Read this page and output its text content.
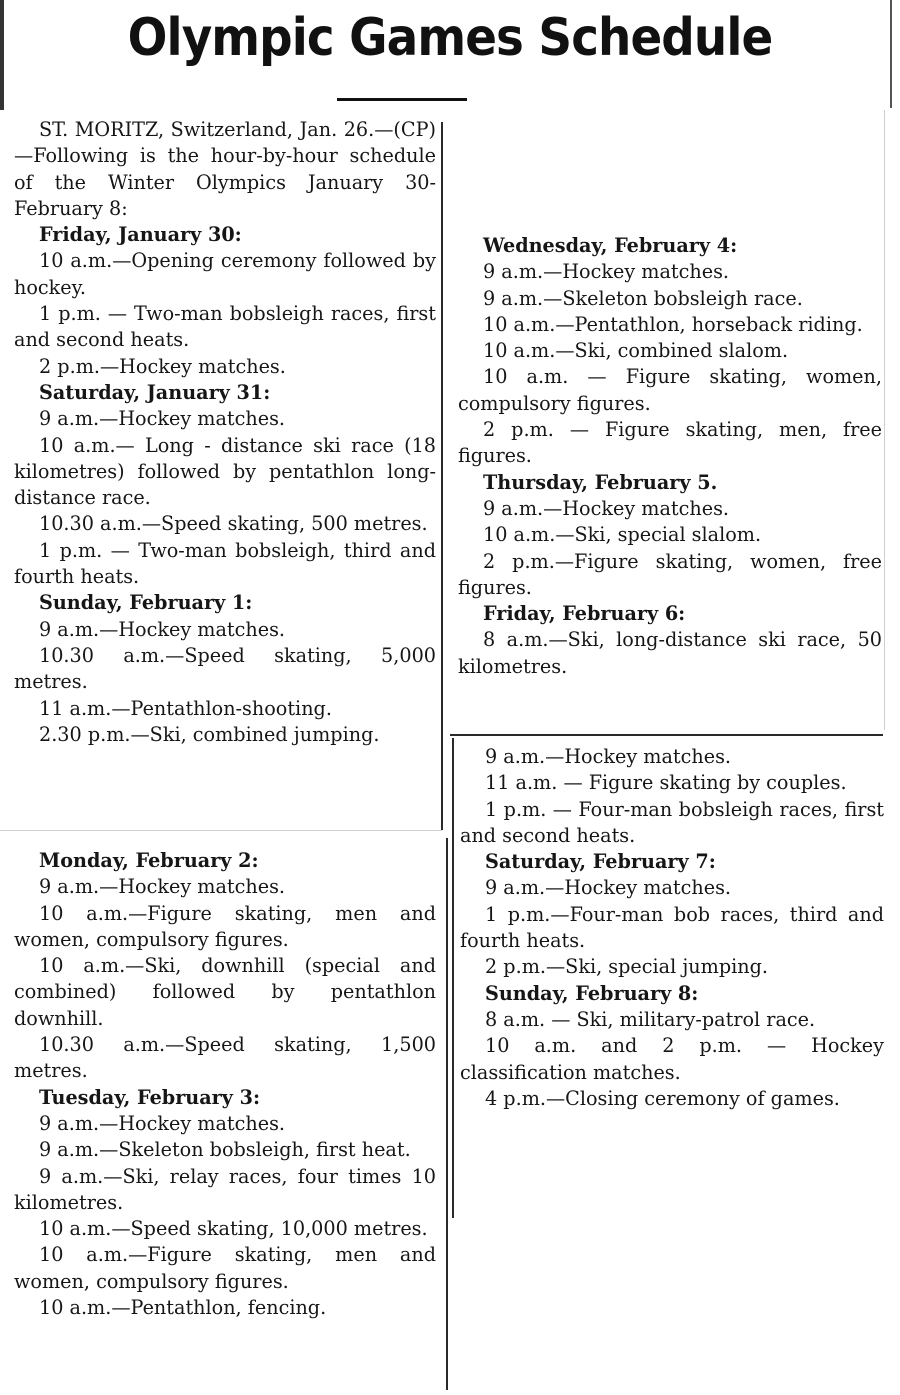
Olympic Games Schedule

ST. MORITZ, Switzerland, Jan. 26.—(CP)—Following is the hour-by-hour schedule of the Winter Olympics January 30-February 8:

Friday, January 30:

10 a.m.—Opening ceremony followed by hockey.

1 p.m. — Two-man bobsleigh races, first and second heats.

2 p.m.—Hockey matches.

Saturday, January 31:

9 a.m.—Hockey matches.

10 a.m.— Long - distance ski race (18 kilometres) followed by pentathlon long-distance race.

10.30 a.m.—Speed skating, 500 metres.

1 p.m. — Two-man bobsleigh, third and fourth heats.

Sunday, February 1:

9 a.m.—Hockey matches.

10.30 a.m.—Speed skating, 5,000 metres.

11 a.m.—Pentathlon-shooting.

2.30 p.m.—Ski, combined jumping.

Monday, February 2:

9 a.m.—Hockey matches.

10 a.m.—Figure skating, men and women, compulsory figures.

10 a.m.—Ski, downhill (special and combined) followed by pentathlon downhill.

10.30 a.m.—Speed skating, 1,500 metres.

Tuesday, February 3:

9 a.m.—Hockey matches.

9 a.m.—Skeleton bobsleigh, first heat.

9 a.m.—Ski, relay races, four times 10 kilometres.

10 a.m.—Speed skating, 10,000 metres.

10 a.m.—Figure skating, men and women, compulsory figures.

10 a.m.—Pentathlon, fencing.

Wednesday, February 4:

9 a.m.—Hockey matches.

9 a.m.—Skeleton bobsleigh race.

10 a.m.—Pentathlon, horseback riding.

10 a.m.—Ski, combined slalom.

10 a.m. — Figure skating, women, compulsory figures.

2 p.m. — Figure skating, men, free figures.

Thursday, February 5.

9 a.m.—Hockey matches.

10 a.m.—Ski, special slalom.

2 p.m.—Figure skating, women, free figures.

Friday, February 6:

8 a.m.—Ski, long-distance ski race, 50 kilometres.

9 a.m.—Hockey matches.

11 a.m. — Figure skating by couples.

1 p.m. — Four-man bobsleigh races, first and second heats.

Saturday, February 7:

9 a.m.—Hockey matches.

1 p.m.—Four-man bob races, third and fourth heats.

2 p.m.—Ski, special jumping.

Sunday, February 8:

8 a.m. — Ski, military-patrol race.

10 a.m. and 2 p.m. — Hockey classification matches.

4 p.m.—Closing ceremony of games.
